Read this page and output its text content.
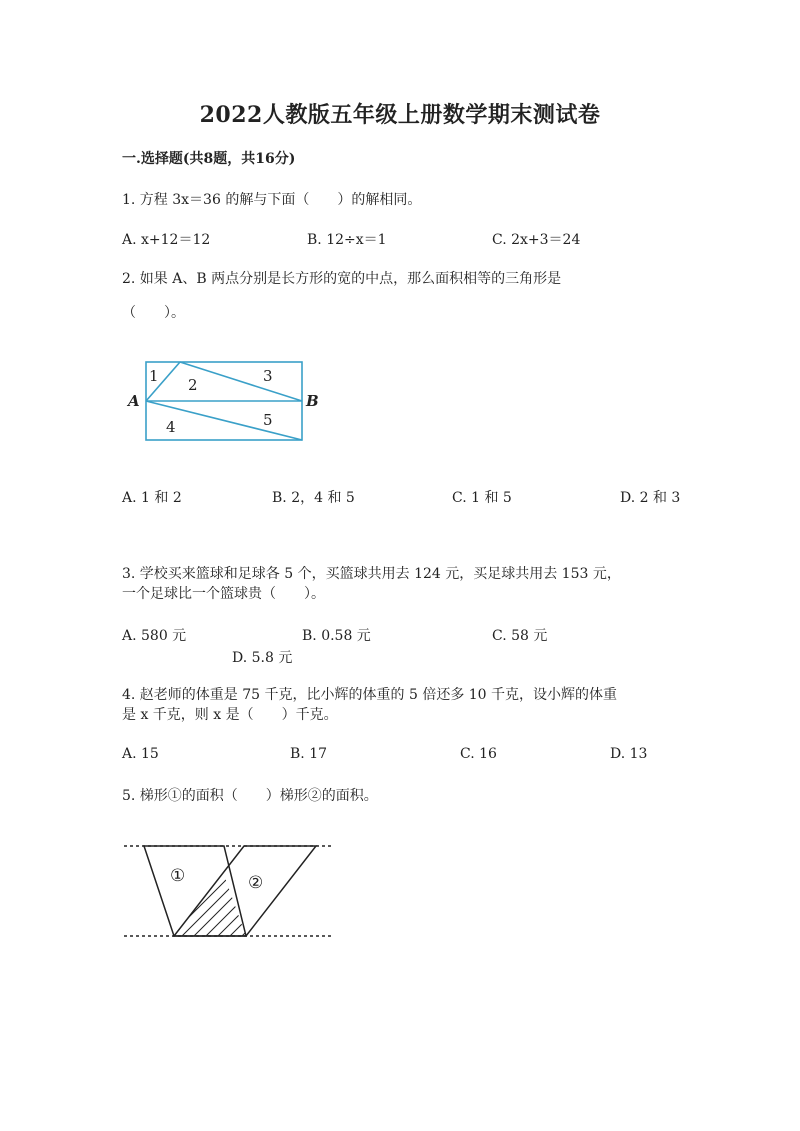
2022人教版五年级上册数学期末测试卷
一.选择题(共8题，共16分)
1. 方程 3x＝36 的解与下面（　　）的解相同。
A. x+12＝12	B. 12÷x＝1	C. 2x+3＝24
2. 如果 A、B 两点分别是长方形的宽的中点，那么面积相等的三角形是
（　　）。
A	B
1 2	3
4	5
A. 1 和 2	B. 2，4 和 5	C. 1 和 5	D. 2 和 3
3. 学校买来篮球和足球各 5 个，买篮球共用去 124 元，买足球共用去 153 元，
一个足球比一个篮球贵（　　）。
A. 580 元	B. 0.58 元	C. 58 元
D. 5.8 元
4. 赵老师的体重是 75 千克，比小辉的体重的 5 倍还多 10 千克，设小辉的体重
是 x 千克，则 x 是（　　）千克。
A. 15	B. 17	C. 16	D. 13
5. 梯形①的面积（　　）梯形②的面积。
①	②
